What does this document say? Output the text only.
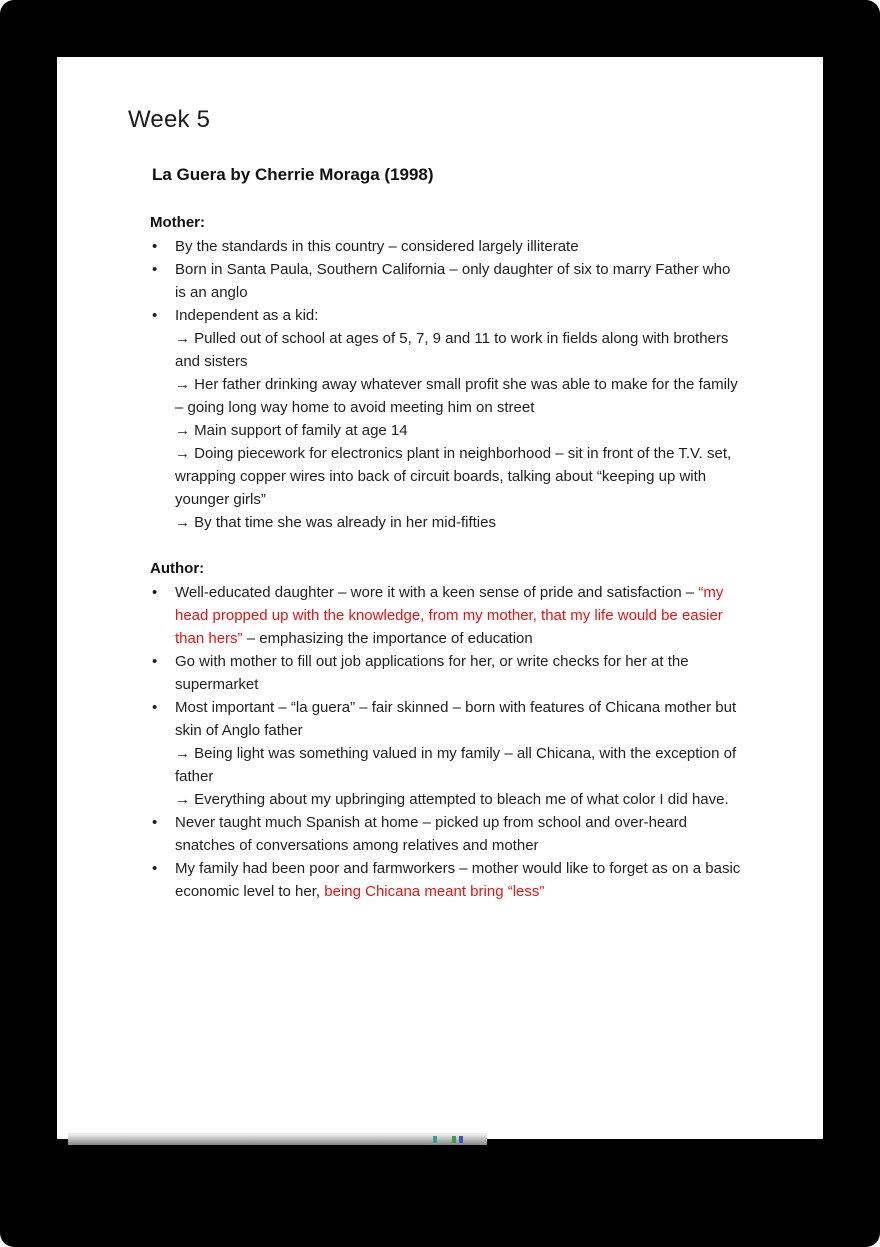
Week 5
La Guera by Cherrie Moraga (1998)
Mother:
•	By the standards in this country – considered largely illiterate
•	Born in Santa Paula, Southern California – only daughter of six to marry Father who is an anglo
•	Independent as a kid:
→ Pulled out of school at ages of 5, 7, 9 and 11 to work in fields along with brothers and sisters
→ Her father drinking away whatever small profit she was able to make for the family – going long way home to avoid meeting him on street
→ Main support of family at age 14
→ Doing piecework for electronics plant in neighborhood – sit in front of the T.V. set, wrapping copper wires into back of circuit boards, talking about “keeping up with younger girls”
→ By that time she was already in her mid-fifties
Author:
•	Well-educated daughter – wore it with a keen sense of pride and satisfaction – “my head propped up with the knowledge, from my mother, that my life would be easier than hers” – emphasizing the importance of education
•	Go with mother to fill out job applications for her, or write checks for her at the supermarket
•	Most important – “la guera” – fair skinned – born with features of Chicana mother but skin of Anglo father
→ Being light was something valued in my family – all Chicana, with the exception of father
→ Everything about my upbringing attempted to bleach me of what color I did have.
•	Never taught much Spanish at home – picked up from school and over-heard snatches of conversations among relatives and mother
•	My family had been poor and farmworkers – mother would like to forget as on a basic economic level to her, being Chicana meant bring “less”
